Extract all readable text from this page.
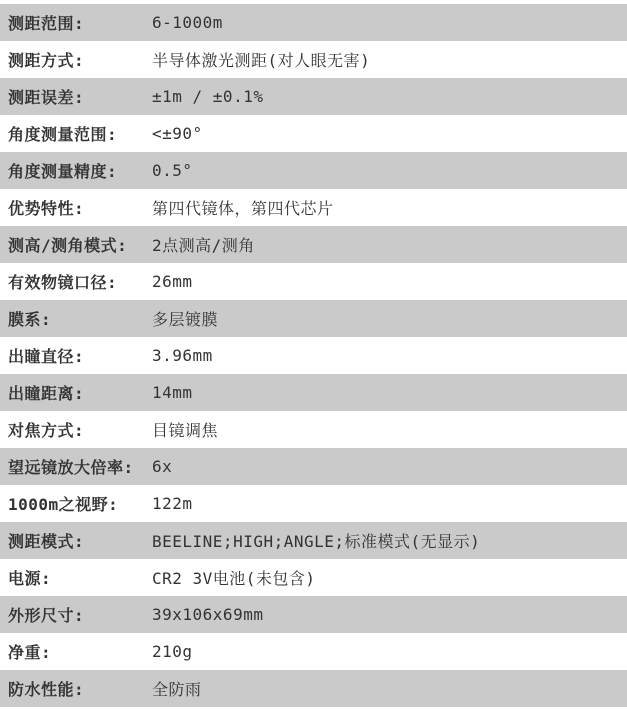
测距范围:	6-1000m
测距方式:	半导体激光测距(对人眼无害)
测距误差:	±1m / ±0.1%
角度测量范围:	<±90°
角度测量精度:	0.5°
优势特性:	第四代镜体，第四代芯片
测高/测角模式:	2点测高/测角
有效物镜口径:	26mm
膜系:	多层镀膜
出瞳直径:	3.96mm
出瞳距离:	14mm
对焦方式:	目镜调焦
望远镜放大倍率:	6x
1000m之视野:	122m
测距模式:	BEELINE;HIGH;ANGLE;标准模式(无显示)
电源:	CR2 3V电池(未包含)
外形尺寸:	39x106x69mm
净重:	210g
防水性能:	全防雨
